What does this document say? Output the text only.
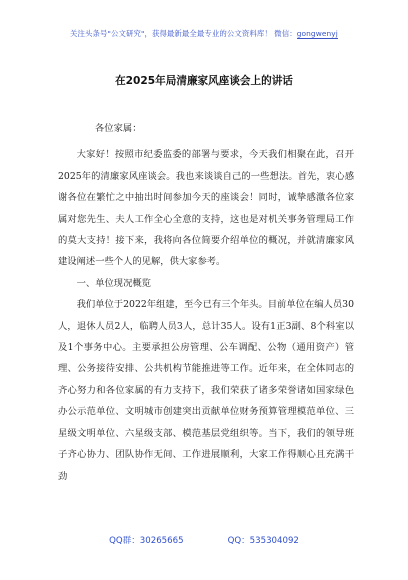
关注头条号"公文研究"，获得最新最全最专业的公文资料库！ 微信：gongwenyj
在2025年局清廉家风座谈会上的讲话

各位家属：

大家好！按照市纪委监委的部署与要求，今天我们相聚在此，召开2025年的清廉家风座谈会。我也来谈谈自己的一些想法。首先，衷心感谢各位在繁忙之中抽出时间参加今天的座谈会！同时，诚挚感激各位家属对您先生、夫人工作全心全意的支持，这也是对机关事务管理局工作的莫大支持！接下来，我将向各位简要介绍单位的概况，并就清廉家风建设阐述一些个人的见解，供大家参考。

一、单位现况概览

我们单位于2022年组建，至今已有三个年头。目前单位在编人员30人，退休人员2人，临聘人员3人，总计35人。设有1正3副、8个科室以及1个事务中心。主要承担公房管理、公车调配、公物（通用资产）管理、公务接待安排、公共机构节能推进等工作。近年来，在全体同志的齐心努力和各位家属的有力支持下，我们荣获了诸多荣誉诸如国家绿色办公示范单位、文明城市创建突出贡献单位财务预算管理模范单位、三星级文明单位、六星级支部、模范基层党组织等。当下，我们的领导班子齐心协力、团队协作无间、工作进展顺利，大家工作得顺心且充满干劲

QQ群：30265665	QQ：535304092
